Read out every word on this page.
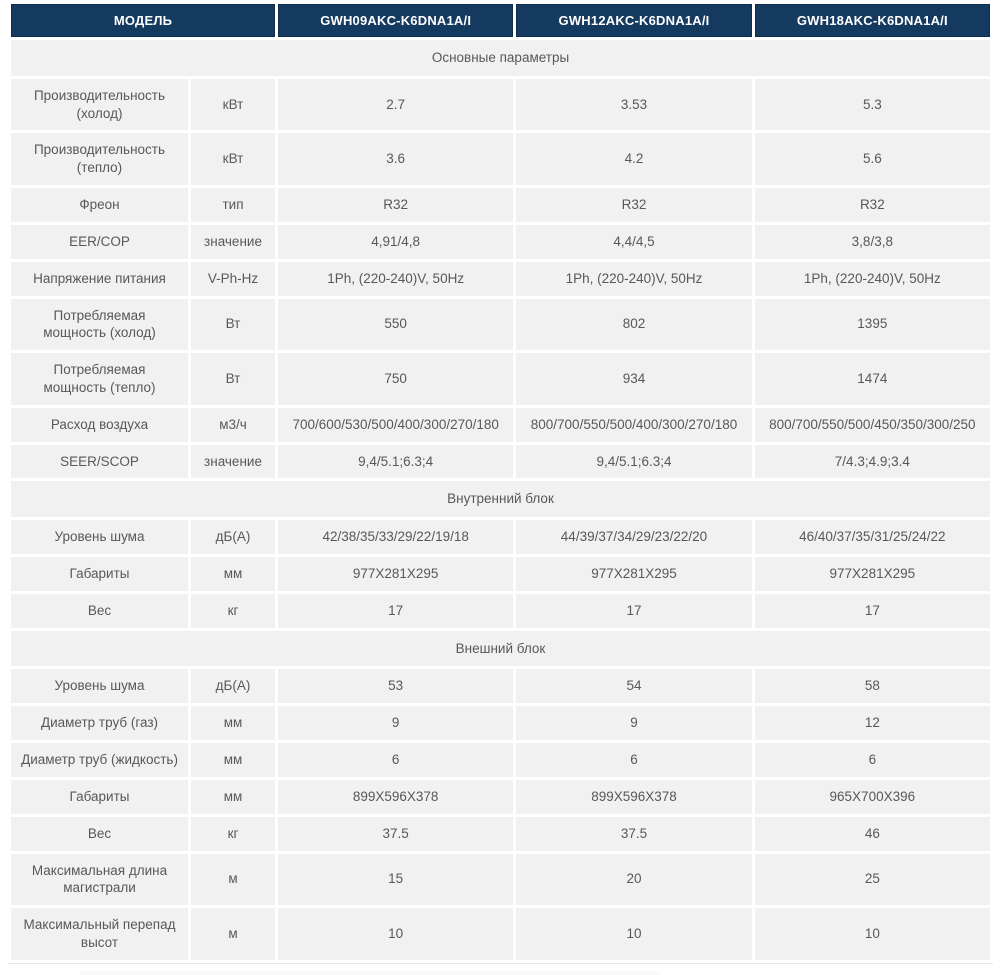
МОДЕЛЬ		GWH09AKC-K6DNA1A/I	GWH12AKC-K6DNA1A/I	GWH18AKC-K6DNA1A/I
Основные параметры				
Производительность (холод)	кВт	2.7	3.53	5.3
Производительность (тепло)	кВт	3.6	4.2	5.6
Фреон	тип	R32	R32	R32
EER/COP	значение	4,91/4,8	4,4/4,5	3,8/3,8
Напряжение питания	V-Ph-Hz	1Ph, (220-240)V, 50Hz	1Ph, (220-240)V, 50Hz	1Ph, (220-240)V, 50Hz
Потребляемая мощность (холод)	Вт	550	802	1395
Потребляемая мощность (тепло)	Вт	750	934	1474
Расход воздуха	м3/ч	700/600/530/500/400/300/270/180	800/700/550/500/400/300/270/180	800/700/550/500/450/350/300/250
SEER/SCOP	значение	9,4/5.1;6.3;4	9,4/5.1;6.3;4	7/4.3;4.9;3.4
Внутренний блок				
Уровень шума	дБ(А)	42/38/35/33/29/22/19/18	44/39/37/34/29/23/22/20	46/40/37/35/31/25/24/22
Габариты	мм	977X281X295	977X281X295	977X281X295
Вес	кг	17	17	17
Внешний блок				
Уровень шума	дБ(А)	53	54	58
Диаметр труб (газ)	мм	9	9	12
Диаметр труб (жидкость)	мм	6	6	6
Габариты	мм	899X596X378	899X596X378	965X700X396
Вес	кг	37.5	37.5	46
Максимальная длина магистрали	м	15	20	25
Максимальный перепад высот	м	10	10	10
